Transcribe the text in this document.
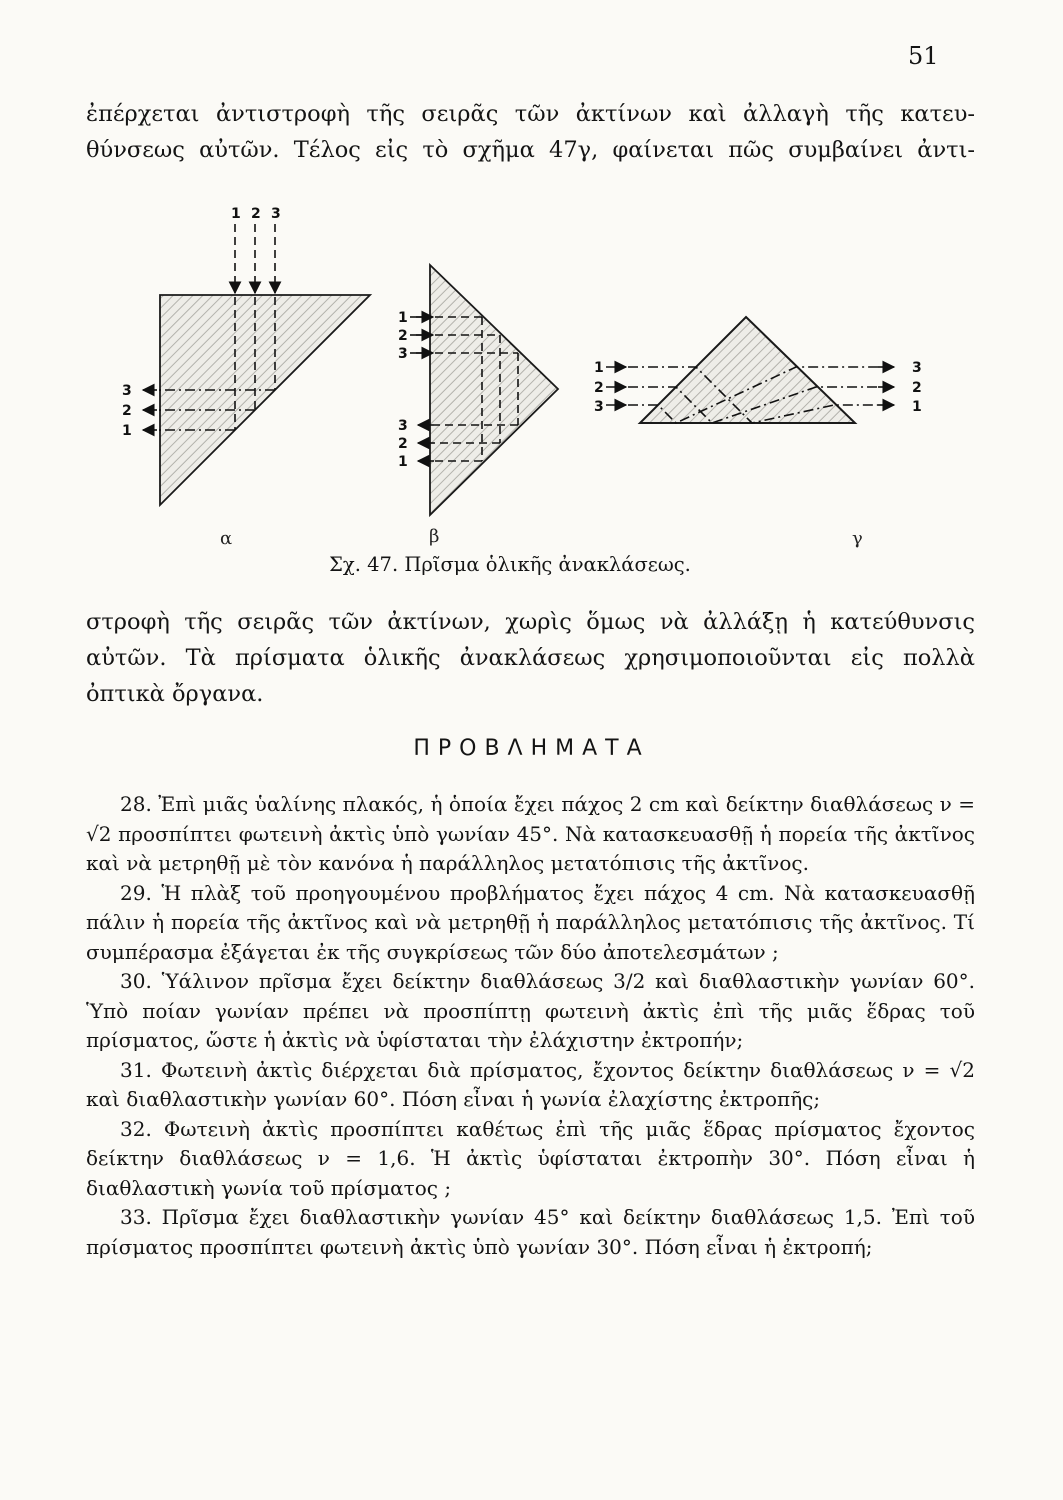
51
ἐπέρχεται ἀντιστροφὴ τῆς σειρᾶς τῶν ἀκτίνων καὶ ἀλλαγὴ τῆς κατευ-
θύνσεως αὐτῶν. Τέλος εἰς τὸ σχῆμα 47γ, φαίνεται πῶς συμβαίνει ἀντι-
1 2 3
3
2
1
α
1
2
3
3
2
1
β
1
2
3
3
2
1
γ
Σχ. 47. Πρῖσμα ὁλικῆς ἀνακλάσεως.
στροφὴ τῆς σειρᾶς τῶν ἀκτίνων, χωρὶς ὅμως νὰ ἀλλάξῃ ἡ κατεύθυνσις
αὐτῶν. Τὰ πρίσματα ὁλικῆς ἀνακλάσεως χρησιμοποιοῦνται εἰς πολλὰ
ὀπτικὰ ὄργανα.
ΠΡΟΒΛΗΜΑΤΑ

28. Ἐπὶ μιᾶς ὑαλίνης πλακός, ἡ ὁποία ἔχει πάχος 2 cm καὶ δείκτην διαθλάσεως ν = √2 προσπίπτει φωτεινὴ ἀκτὶς ὑπὸ γωνίαν 45°. Νὰ κατασκευασθῇ ἡ πορεία τῆς ἀκτῖνος καὶ νὰ μετρηθῇ μὲ τὸν κανόνα ἡ παράλληλος μετατόπισις τῆς ἀκτῖνος.

29. Ἡ πλὰξ τοῦ προηγουμένου προβλήματος ἔχει πάχος 4 cm. Νὰ κατασκευασθῇ πάλιν ἡ πορεία τῆς ἀκτῖνος καὶ νὰ μετρηθῇ ἡ παράλληλος μετατόπισις τῆς ἀκτῖνος. Τί συμπέρασμα ἐξάγεται ἐκ τῆς συγκρίσεως τῶν δύο ἀποτελεσμάτων ;

30. Ὑάλινον πρῖσμα ἔχει δείκτην διαθλάσεως 3/2 καὶ διαθλαστικὴν γωνίαν 60°. Ὑπὸ ποίαν γωνίαν πρέπει νὰ προσπίπτῃ φωτεινὴ ἀκτὶς ἐπὶ τῆς μιᾶς ἕδρας τοῦ πρίσματος, ὥστε ἡ ἀκτὶς νὰ ὑφίσταται τὴν ἐλάχιστην ἐκτροπήν;

31. Φωτεινὴ ἀκτὶς διέρχεται διὰ πρίσματος, ἔχοντος δείκτην διαθλάσεως ν = √2 καὶ διαθλαστικὴν γωνίαν 60°. Πόση εἶναι ἡ γωνία ἐλαχίστης ἐκτροπῆς;

32. Φωτεινὴ ἀκτὶς προσπίπτει καθέτως ἐπὶ τῆς μιᾶς ἕδρας πρίσματος ἔχοντος δείκτην διαθλάσεως ν = 1,6. Ἡ ἀκτὶς ὑφίσταται ἐκτροπὴν 30°. Πόση εἶναι ἡ διαθλαστικὴ γωνία τοῦ πρίσματος ;

33. Πρῖσμα ἔχει διαθλαστικὴν γωνίαν 45° καὶ δείκτην διαθλάσεως 1,5. Ἐπὶ τοῦ πρίσματος προσπίπτει φωτεινὴ ἀκτὶς ὑπὸ γωνίαν 30°. Πόση εἶναι ἡ ἐκτροπή;
